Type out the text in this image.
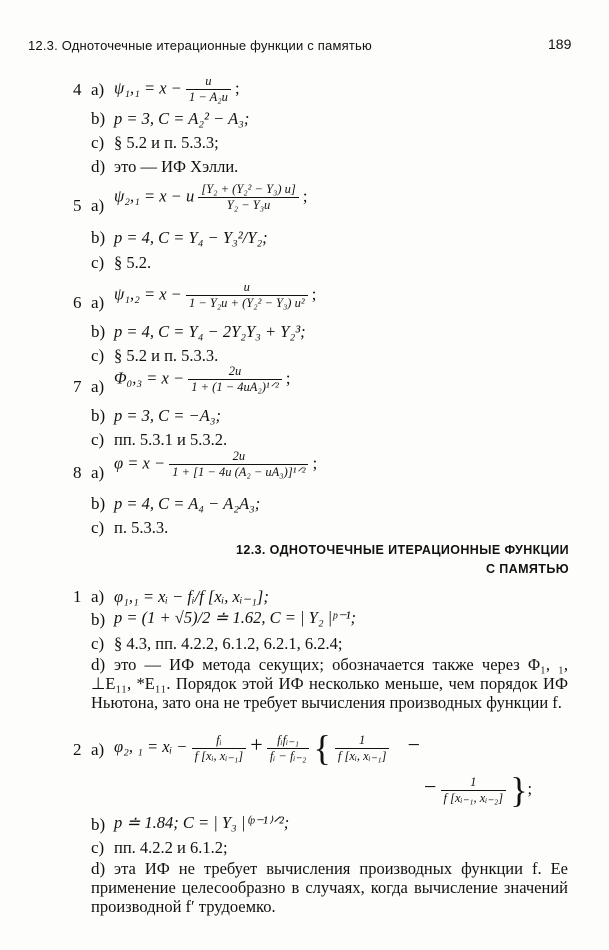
12.3. Одноточечные итерационные функции с памятью	189
4 a) $\psi_1,_1 = x - \frac{u}{\text{1 − A₂u}}$ ;
b) p = 3, C = A₂² − A₃;
c) § 5.2 и п. 5.3.3;
d) это — ИФ Хэлли.
5 a)
ψ₂,₁ = x − u $\frac{\text{[Y₂ + (Y₂² − Y₃) u]}}{\text{Y₂ − Y₃u}}$ ;
b) p = 4, C = Y₄ − Y₃²/Y₂;
c) § 5.2.
6 a) $\psi_1,_2 = x - \frac{u}{\text{1 − Y₂u + (Y₂² − Y₃) u²}}$ ;
b) p = 4, C = Y₄ − 2Y₂Y₃ + Y₂³;
c) § 5.2 и п. 5.3.3.
7 a) $\Phi_0,_3 = x - \frac{2u}{\text{1 + (1 − 4uA₂)¹ᐟ²}}$ ;
b) p = 3, C = −A₃;
c) пп. 5.3.1 и 5.3.2.
8 a)
$\varphi = x - \frac{2u}{\text{1 + [1 − 4u (A₂ − uA₃)]¹ᐟ²}}$ ;
b) p = 4, C = A₄ − A₂A₃;
c) п. 5.3.3.
12.3. ОДНОТОЧЕЧНЫЕ ИТЕРАЦИОННЫЕ ФУНКЦИИ
С ПАМЯТЬЮ
1 a) φ₁,₁ = xᵢ − fᵢ/f [xᵢ, xᵢ₋₁];
b) p = (1 + √5)/2 ≐ 1.62, C = | Y₂ |ᵖ⁻¹;
c) § 4.3, пп. 4.2.2, 6.1.2, 6.2.1, 6.2.4;
d) это — ИФ метода секущих; обозначается также через Φ₁, ₁, ⊥E₁₁, *E₁₁. Порядок этой ИФ несколько меньше, чем порядок ИФ Ньютона, зато она не требует вычисления производных функции f.
2 a) φ₂, ₁ = xᵢ − $\frac{\text{fᵢ}}{\text{f [xᵢ, xᵢ₋₁]}} + \frac{\text{fᵢfᵢ₋₁}}{\text{fᵢ − fᵢ₋₂}}$ { $\frac{1}{\text{f [xᵢ, xᵢ₋₁]}}$ −
− $\frac{1}{\text{f [xᵢ₋₁, xᵢ₋₂]}}$ };
b) p ≐ 1.84; C = | Y₃ |⁽ᵖ⁻¹⁾ᐟ²;
c) пп. 4.2.2 и 6.1.2;
d) эта ИФ не требует вычисления производных функции f. Ее применение целесообразно в случаях, когда вычисление значений производной f′ трудоемко.
